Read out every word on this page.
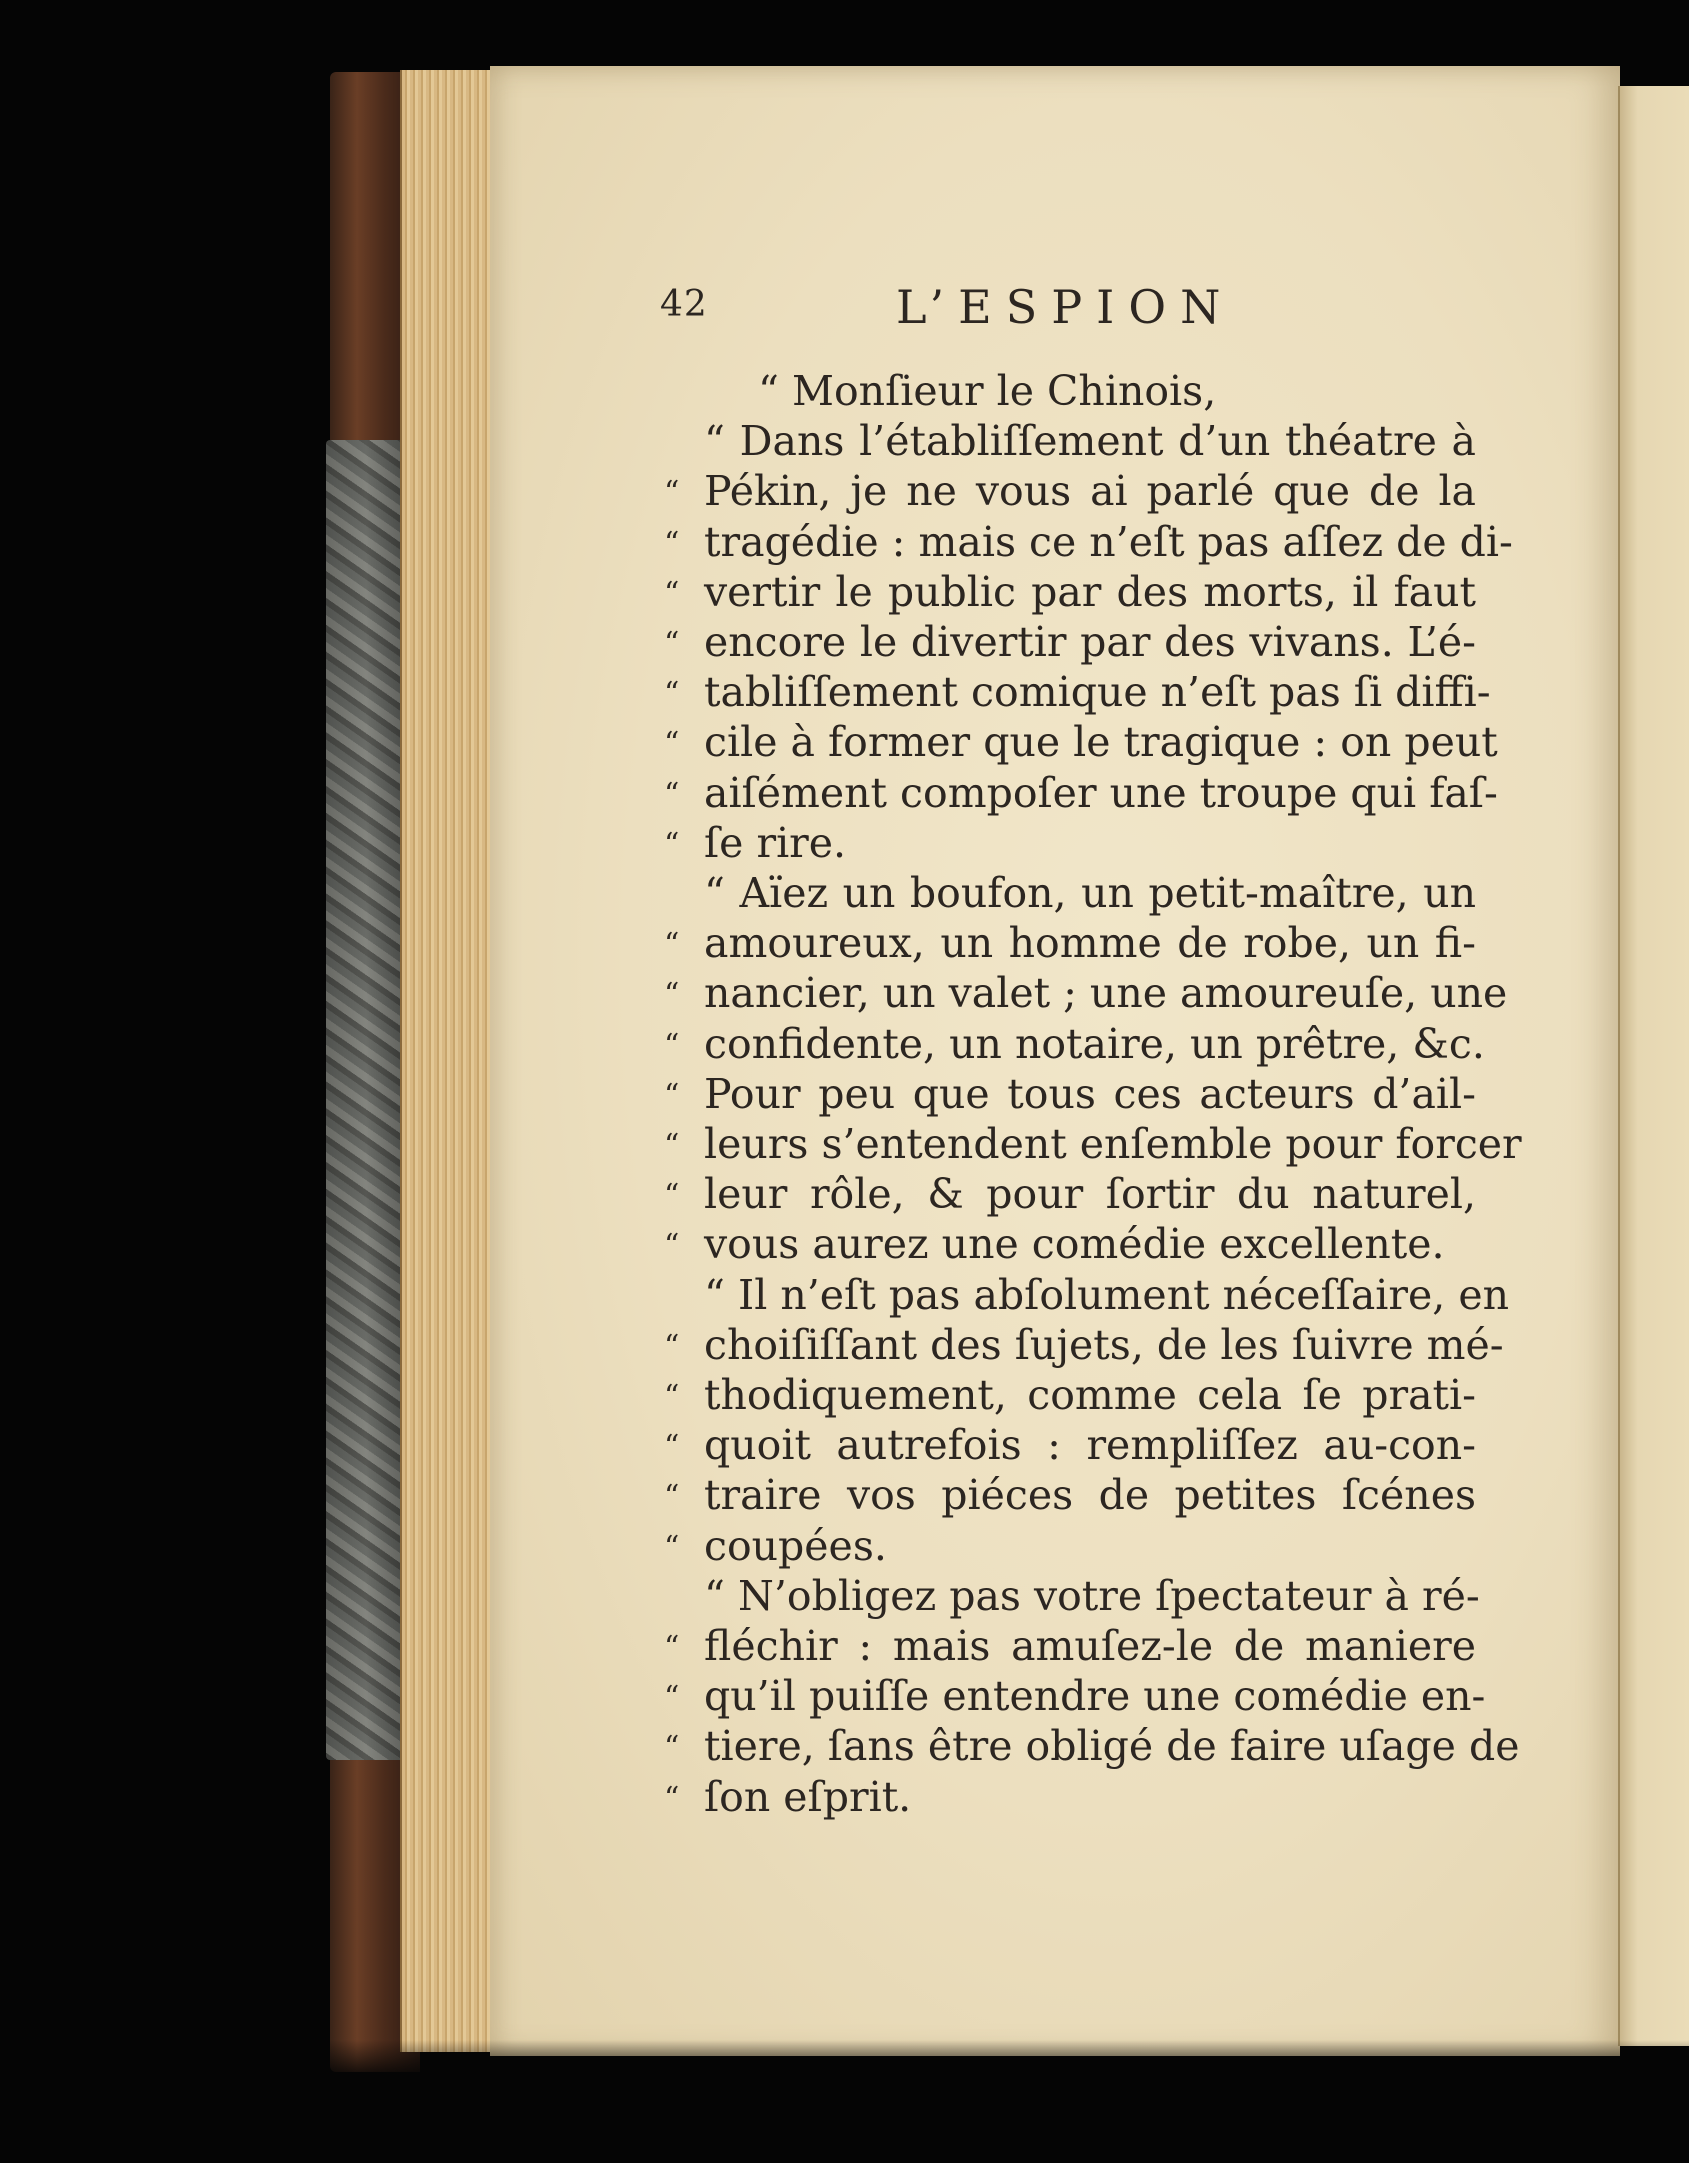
42	L’ESPION
“ Monſieur le Chinois,
“ Dans l’établiſſement d’un théatre à
“ Pékin, je ne vous ai parlé que de la
“ tragédie : mais ce n’eſt pas aſſez de di-
“ vertir le public par des morts, il faut
“ encore le divertir par des vivans. L’é-
“ tabliſſement comique n’eſt pas ſi diffi-
“ cile à former que le tragique : on peut
“ aiſément compoſer une troupe qui faſ-
“ ſe rire.
“ Aïez un boufon, un petit-maître, un
“ amoureux, un homme de robe, un fi-
“ nancier, un valet ; une amoureuſe, une
“ confidente, un notaire, un prêtre, &c.
“ Pour peu que tous ces acteurs d’ail-
“ leurs s’entendent enſemble pour forcer
“ leur rôle, & pour ſortir du naturel,
“ vous aurez une comédie excellente.
“ Il n’eſt pas abſolument néceſſaire, en
“ choiſiſſant des ſujets, de les ſuivre mé-
“ thodiquement, comme cela ſe prati-
“ quoit autrefois : rempliſſez au-con-
“ traire vos piéces de petites ſcénes
“ coupées.
“ N’obligez pas votre ſpectateur à ré-
“ fléchir : mais amuſez-le de maniere
“ qu’il puiſſe entendre une comédie en-
“ tiere, ſans être obligé de faire uſage de
“ ſon eſprit.
